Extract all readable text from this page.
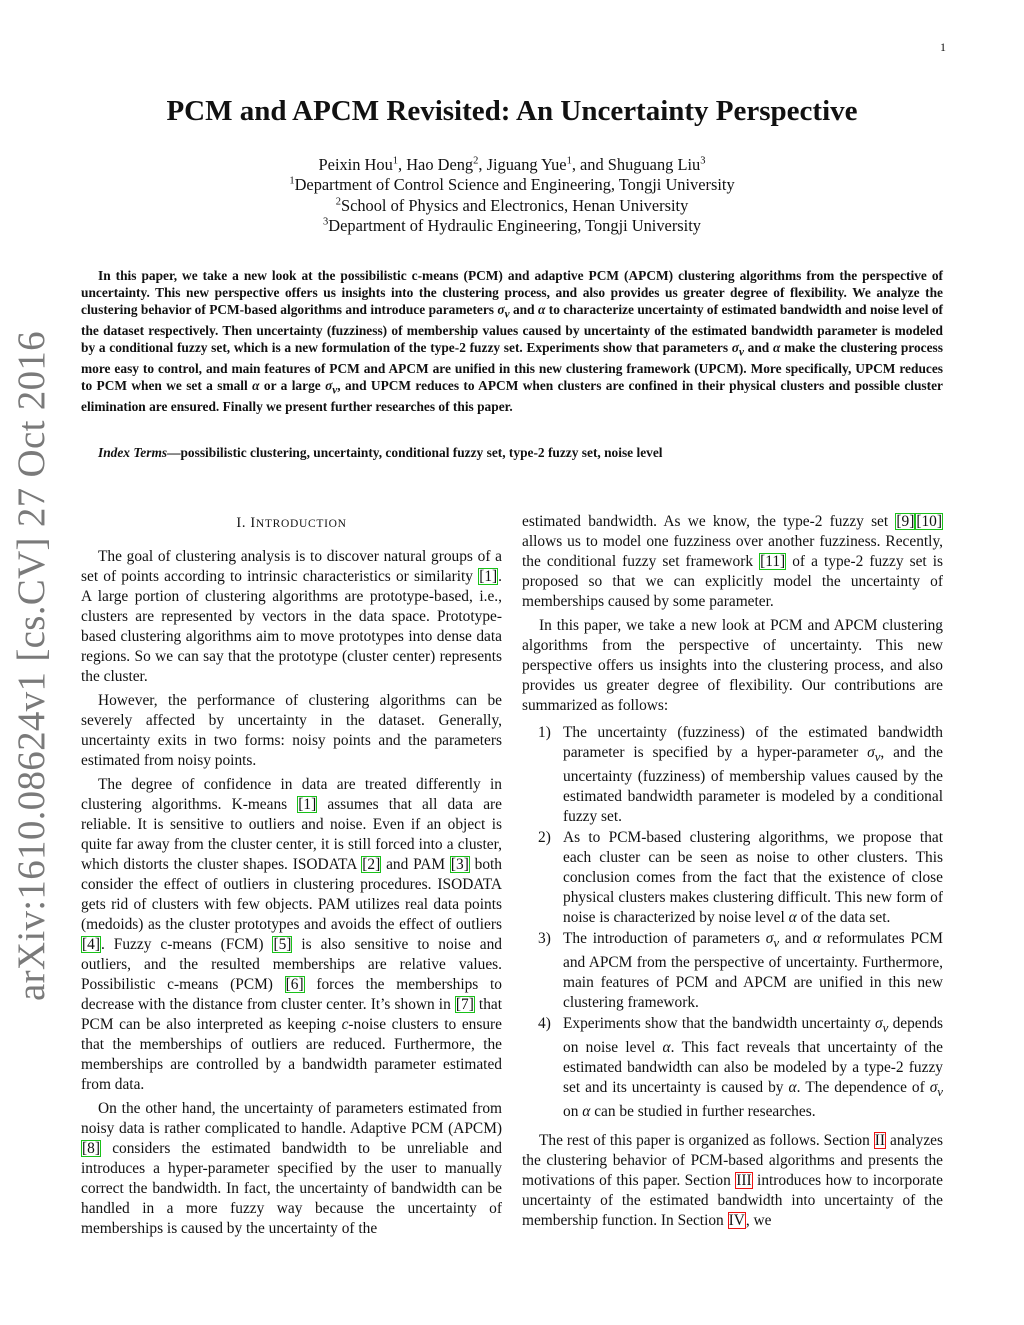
1
arXiv:1610.08624v1 [cs.CV] 27 Oct 2016
PCM and APCM Revisited: An Uncertainty Perspective
Peixin Hou$^1$, Hao Deng$^2$, Jiguang Yue$^1$, and Shuguang Liu$^3$
$^1$Department of Control Science and Engineering, Tongji University
$^2$School of Physics and Electronics, Henan University
$^3$Department of Hydraulic Engineering, Tongji University

In this paper, we take a new look at the possibilistic c-means (PCM) and adaptive PCM (APCM) clustering algorithms from the perspective of uncertainty. This new perspective offers us insights into the clustering process, and also provides us greater degree of flexibility. We analyze the clustering behavior of PCM-based algorithms and introduce parameters $\sigma_v$ and α to characterize uncertainty of estimated bandwidth and noise level of the dataset respectively. Then uncertainty (fuzziness) of membership values caused by uncertainty of the estimated bandwidth parameter is modeled by a conditional fuzzy set, which is a new formulation of the type-2 fuzzy set. Experiments show that parameters $\sigma_v$ and α make the clustering process more easy to control, and main features of PCM and APCM are unified in this new clustering framework (UPCM). More specifically, UPCM reduces to PCM when we set a small α or a large $\sigma_v$, and UPCM reduces to APCM when clusters are confined in their physical clusters and possible cluster elimination are ensured. Finally we present further researches of this paper.

Index Terms—possibilistic clustering, uncertainty, conditional fuzzy set, type-2 fuzzy set, noise level
I. INTRODUCTION

The goal of clustering analysis is to discover natural groups of a set of points according to intrinsic characteristics or similarity [1]. A large portion of clustering algorithms are prototype-based, i.e., clusters are represented by vectors in the data space. Prototype-based clustering algorithms aim to move prototypes into dense data regions. So we can say that the prototype (cluster center) represents the cluster.

However, the performance of clustering algorithms can be severely affected by uncertainty in the dataset. Generally, uncertainty exits in two forms: noisy points and the parameters estimated from noisy points.

The degree of confidence in data are treated differently in clustering algorithms. K-means [1] assumes that all data are reliable. It is sensitive to outliers and noise. Even if an object is quite far away from the cluster center, it is still forced into a cluster, which distorts the cluster shapes. ISODATA [2] and PAM [3] both consider the effect of outliers in clustering procedures. ISODATA gets rid of clusters with few objects. PAM utilizes real data points (medoids) as the cluster prototypes and avoids the effect of outliers [4]. Fuzzy c-means (FCM) [5] is also sensitive to noise and outliers, and the resulted memberships are relative values. Possibilistic c-means (PCM) [6] forces the memberships to decrease with the distance from cluster center. It’s shown in [7] that PCM can be also interpreted as keeping c-noise clusters to ensure that the memberships of outliers are reduced. Furthermore, the memberships are controlled by a bandwidth parameter estimated from data.

On the other hand, the uncertainty of parameters estimated from noisy data is rather complicated to handle. Adaptive PCM (APCM) [8] considers the estimated bandwidth to be unreliable and introduces a hyper-parameter specified by the user to manually correct the bandwidth. In fact, the uncertainty of bandwidth can be handled in a more fuzzy way because the uncertainty of memberships is caused by the uncertainty of the

estimated bandwidth. As we know, the type-2 fuzzy set [9] [10] allows us to model one fuzziness over another fuzziness. Recently, the conditional fuzzy set framework [11] of a type-2 fuzzy set is proposed so that we can explicitly model the uncertainty of memberships caused by some parameter.

In this paper, we take a new look at PCM and APCM clustering algorithms from the perspective of uncertainty. This new perspective offers us insights into the clustering process, and also provides us greater degree of flexibility. Our contributions are summarized as follows:

1) The uncertainty (fuzziness) of the estimated bandwidth parameter is specified by a hyper-parameter $\sigma_v$, and the uncertainty (fuzziness) of membership values caused by the estimated bandwidth parameter is modeled by a conditional fuzzy set.
2) As to PCM-based clustering algorithms, we propose that each cluster can be seen as noise to other clusters. This conclusion comes from the fact that the existence of close physical clusters makes clustering difficult. This new form of noise is characterized by noise level α of the data set.
3) The introduction of parameters $\sigma_v$ and α reformulates PCM and APCM from the perspective of uncertainty. Furthermore, main features of PCM and APCM are unified in this new clustering framework.
4) Experiments show that the bandwidth uncertainty $\sigma_v$ depends on noise level α. This fact reveals that uncertainty of the estimated bandwidth can also be modeled by a type-2 fuzzy set and its uncertainty is caused by α. The dependence of $\sigma_v$ on α can be studied in further researches.

The rest of this paper is organized as follows. Section II analyzes the clustering behavior of PCM-based algorithms and presents the motivations of this paper. Section III introduces how to incorporate uncertainty of the estimated bandwidth into uncertainty of the membership function. In Section IV, we
